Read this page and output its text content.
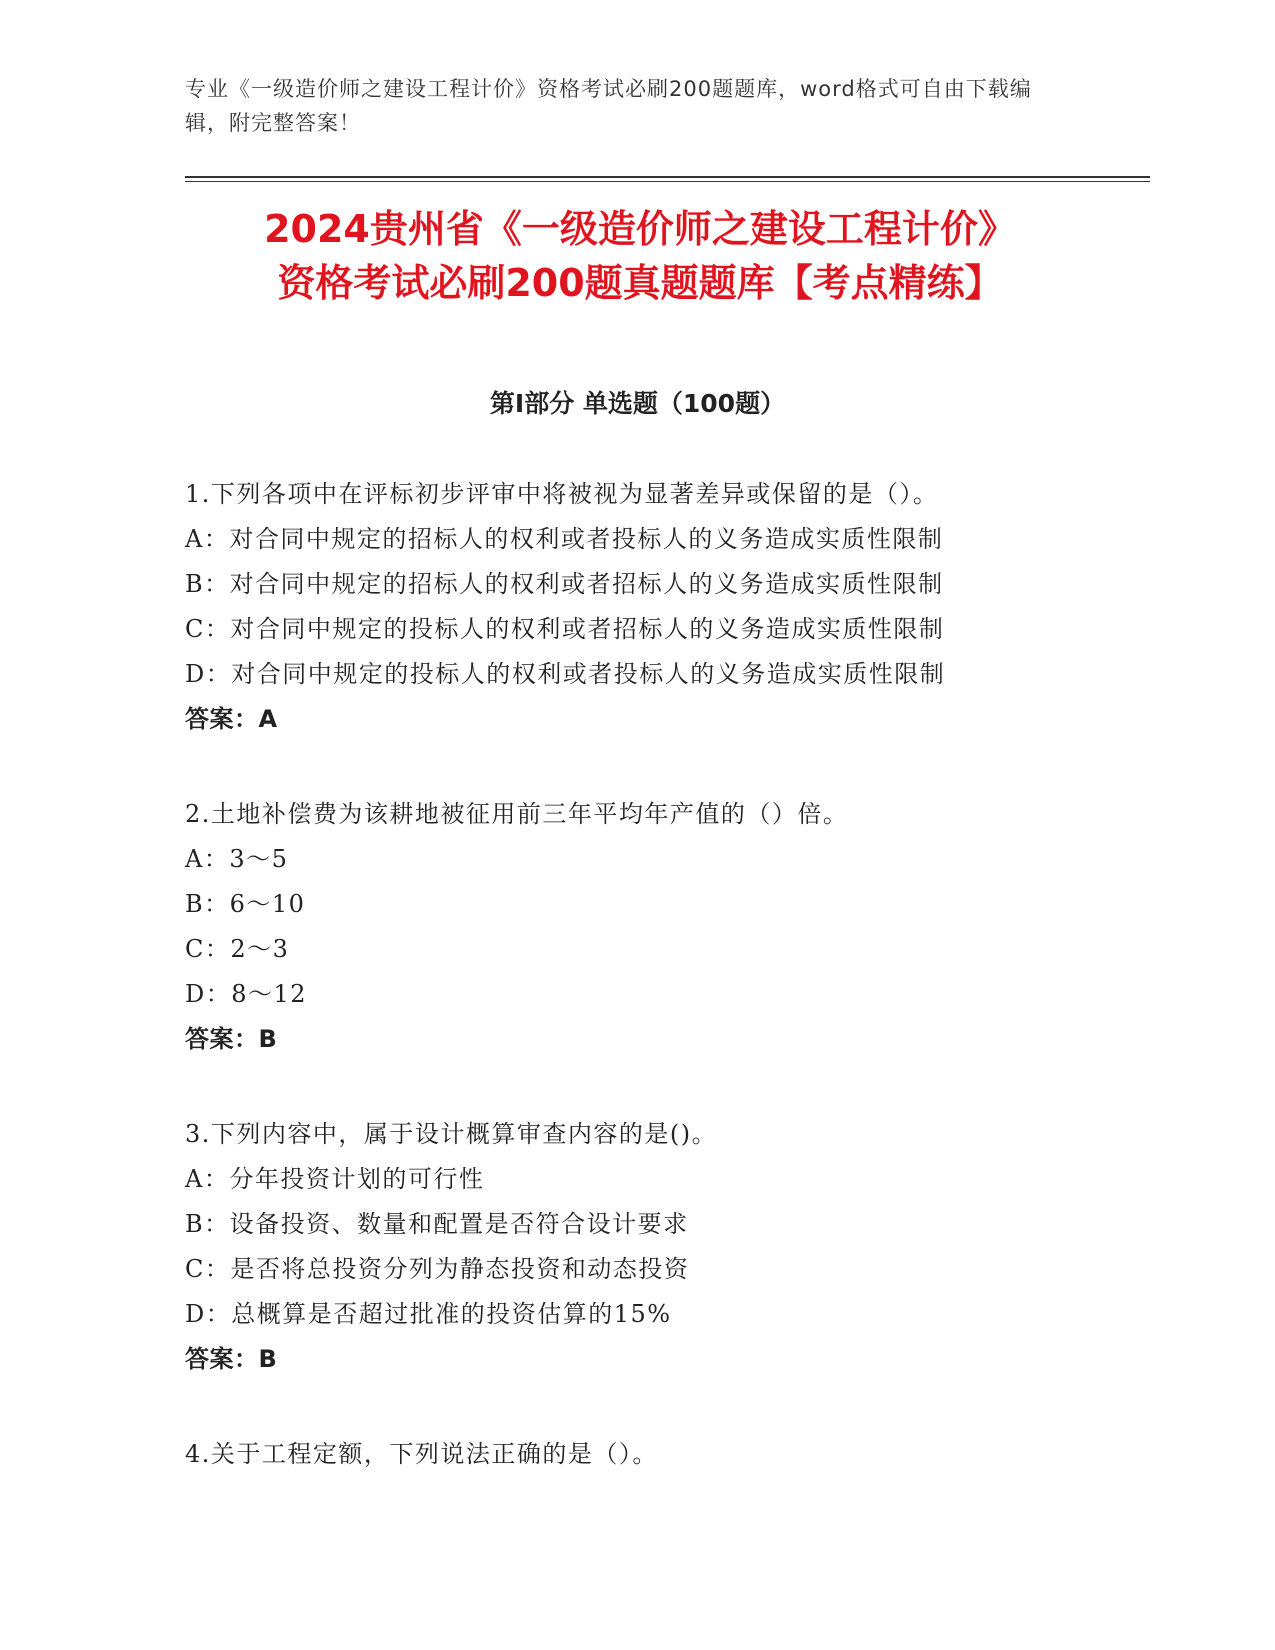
专业《一级造价师之建设工程计价》资格考试必刷200题题库，word格式可自由下载编辑，附完整答案！
2024贵州省《一级造价师之建设工程计价》
资格考试必刷200题真题题库【考点精练】
第Ⅰ部分 单选题（100题）
1.下列各项中在评标初步评审中将被视为显著差异或保留的是（）。
A：对合同中规定的招标人的权利或者投标人的义务造成实质性限制
B：对合同中规定的招标人的权利或者招标人的义务造成实质性限制
C：对合同中规定的投标人的权利或者招标人的义务造成实质性限制
D：对合同中规定的投标人的权利或者投标人的义务造成实质性限制
答案：A
2.土地补偿费为该耕地被征用前三年平均年产值的（）倍。
A：3～5
B：6～10
C：2～3
D：8～12
答案：B
3.下列内容中，属于设计概算审查内容的是()。
A：分年投资计划的可行性
B：设备投资、数量和配置是否符合设计要求
C：是否将总投资分列为静态投资和动态投资
D：总概算是否超过批准的投资估算的15%
答案：B
4.关于工程定额，下列说法正确的是（）。
